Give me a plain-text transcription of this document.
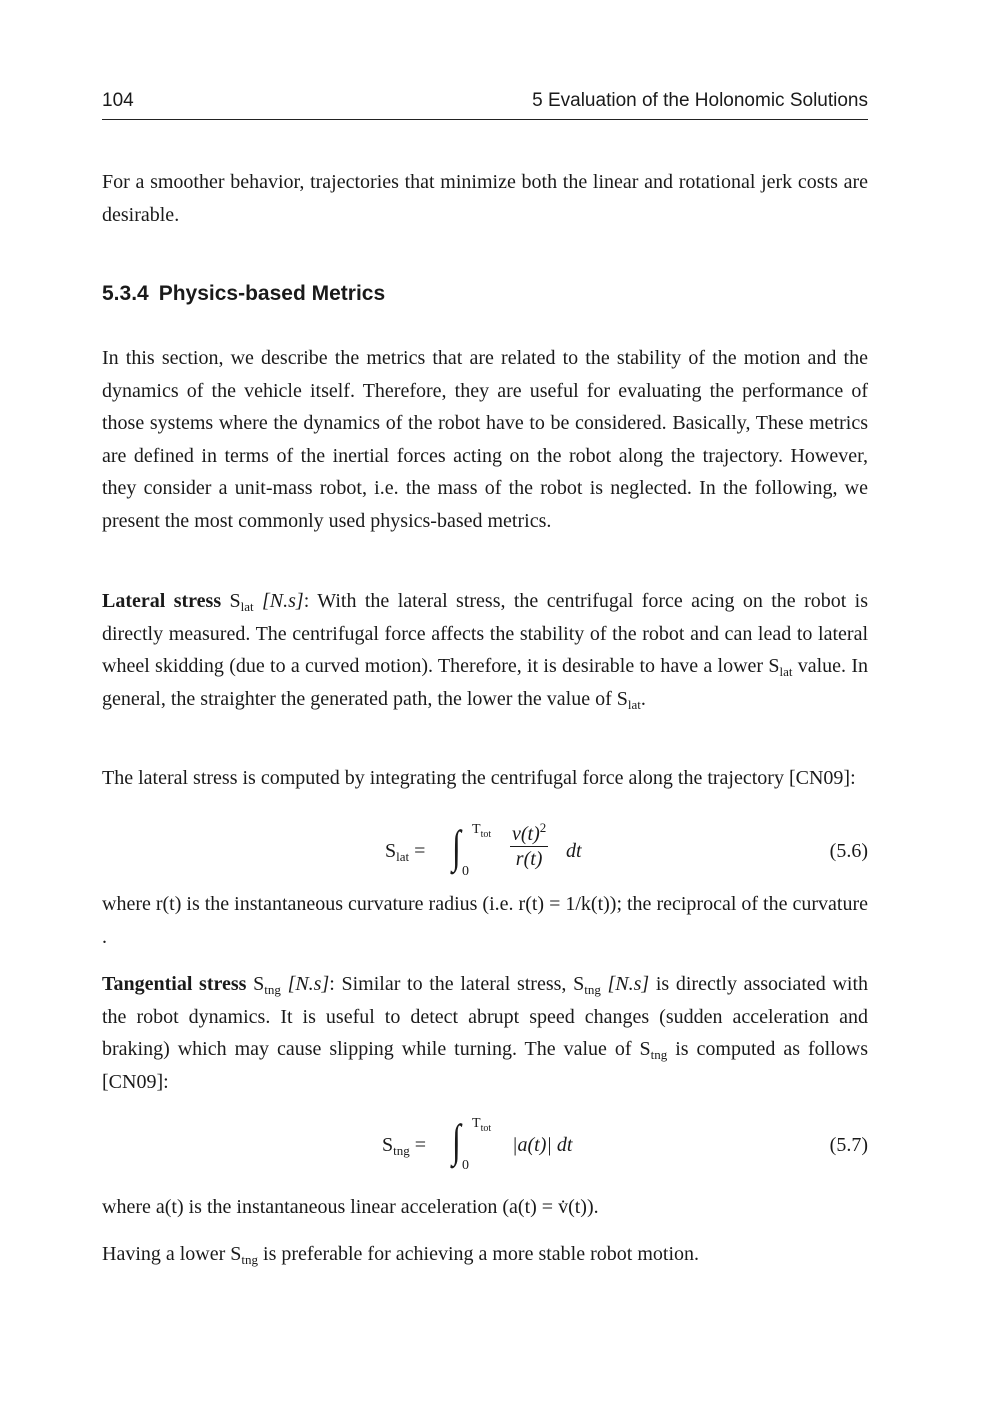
104	5 Evaluation of the Holonomic Solutions
For a smoother behavior, trajectories that minimize both the linear and rotational jerk costs are desirable.
5.3.4 Physics-based Metrics
In this section, we describe the metrics that are related to the stability of the motion and the dynamics of the vehicle itself. Therefore, they are useful for evaluating the performance of those systems where the dynamics of the robot have to be considered. Basically, These metrics are defined in terms of the inertial forces acting on the robot along the trajectory. However, they consider a unit-mass robot, i.e. the mass of the robot is neglected. In the following, we present the most commonly used physics-based metrics.
Lateral stress $S_{lat}$ [N.s]: With the lateral stress, the centrifugal force acing on the robot is directly measured. The centrifugal force affects the stability of the robot and can lead to lateral wheel skidding (due to a curved motion). Therefore, it is desirable to have a lower $S_{lat}$ value. In general, the straighter the generated path, the lower the value of $S_{lat}$.
The lateral stress is computed by integrating the centrifugal force along the trajectory [CN09]:
$S_{lat}$ = ∫ $T_{tot}$
0
$\frac{v(t)^2}{r(t)}$ dt	(5.6)
where r(t) is the instantaneous curvature radius (i.e. r(t) = 1/k(t)); the reciprocal of the curvature .
Tangential stress $S_{tng}$ [N.s]: Similar to the lateral stress, $S_{tng}$ [N.s] is directly associated with the robot dynamics. It is useful to detect abrupt speed changes (sudden acceleration and braking) which may cause slipping while turning. The value of $S_{tng}$ is computed as follows [CN09]:
$S_{tng}$ = ∫ $T_{tot}$
0
|a(t)| dt	(5.7)
where a(t) is the instantaneous linear acceleration (a(t) = v̇(t)).
Having a lower $S_{tng}$ is preferable for achieving a more stable robot motion.
